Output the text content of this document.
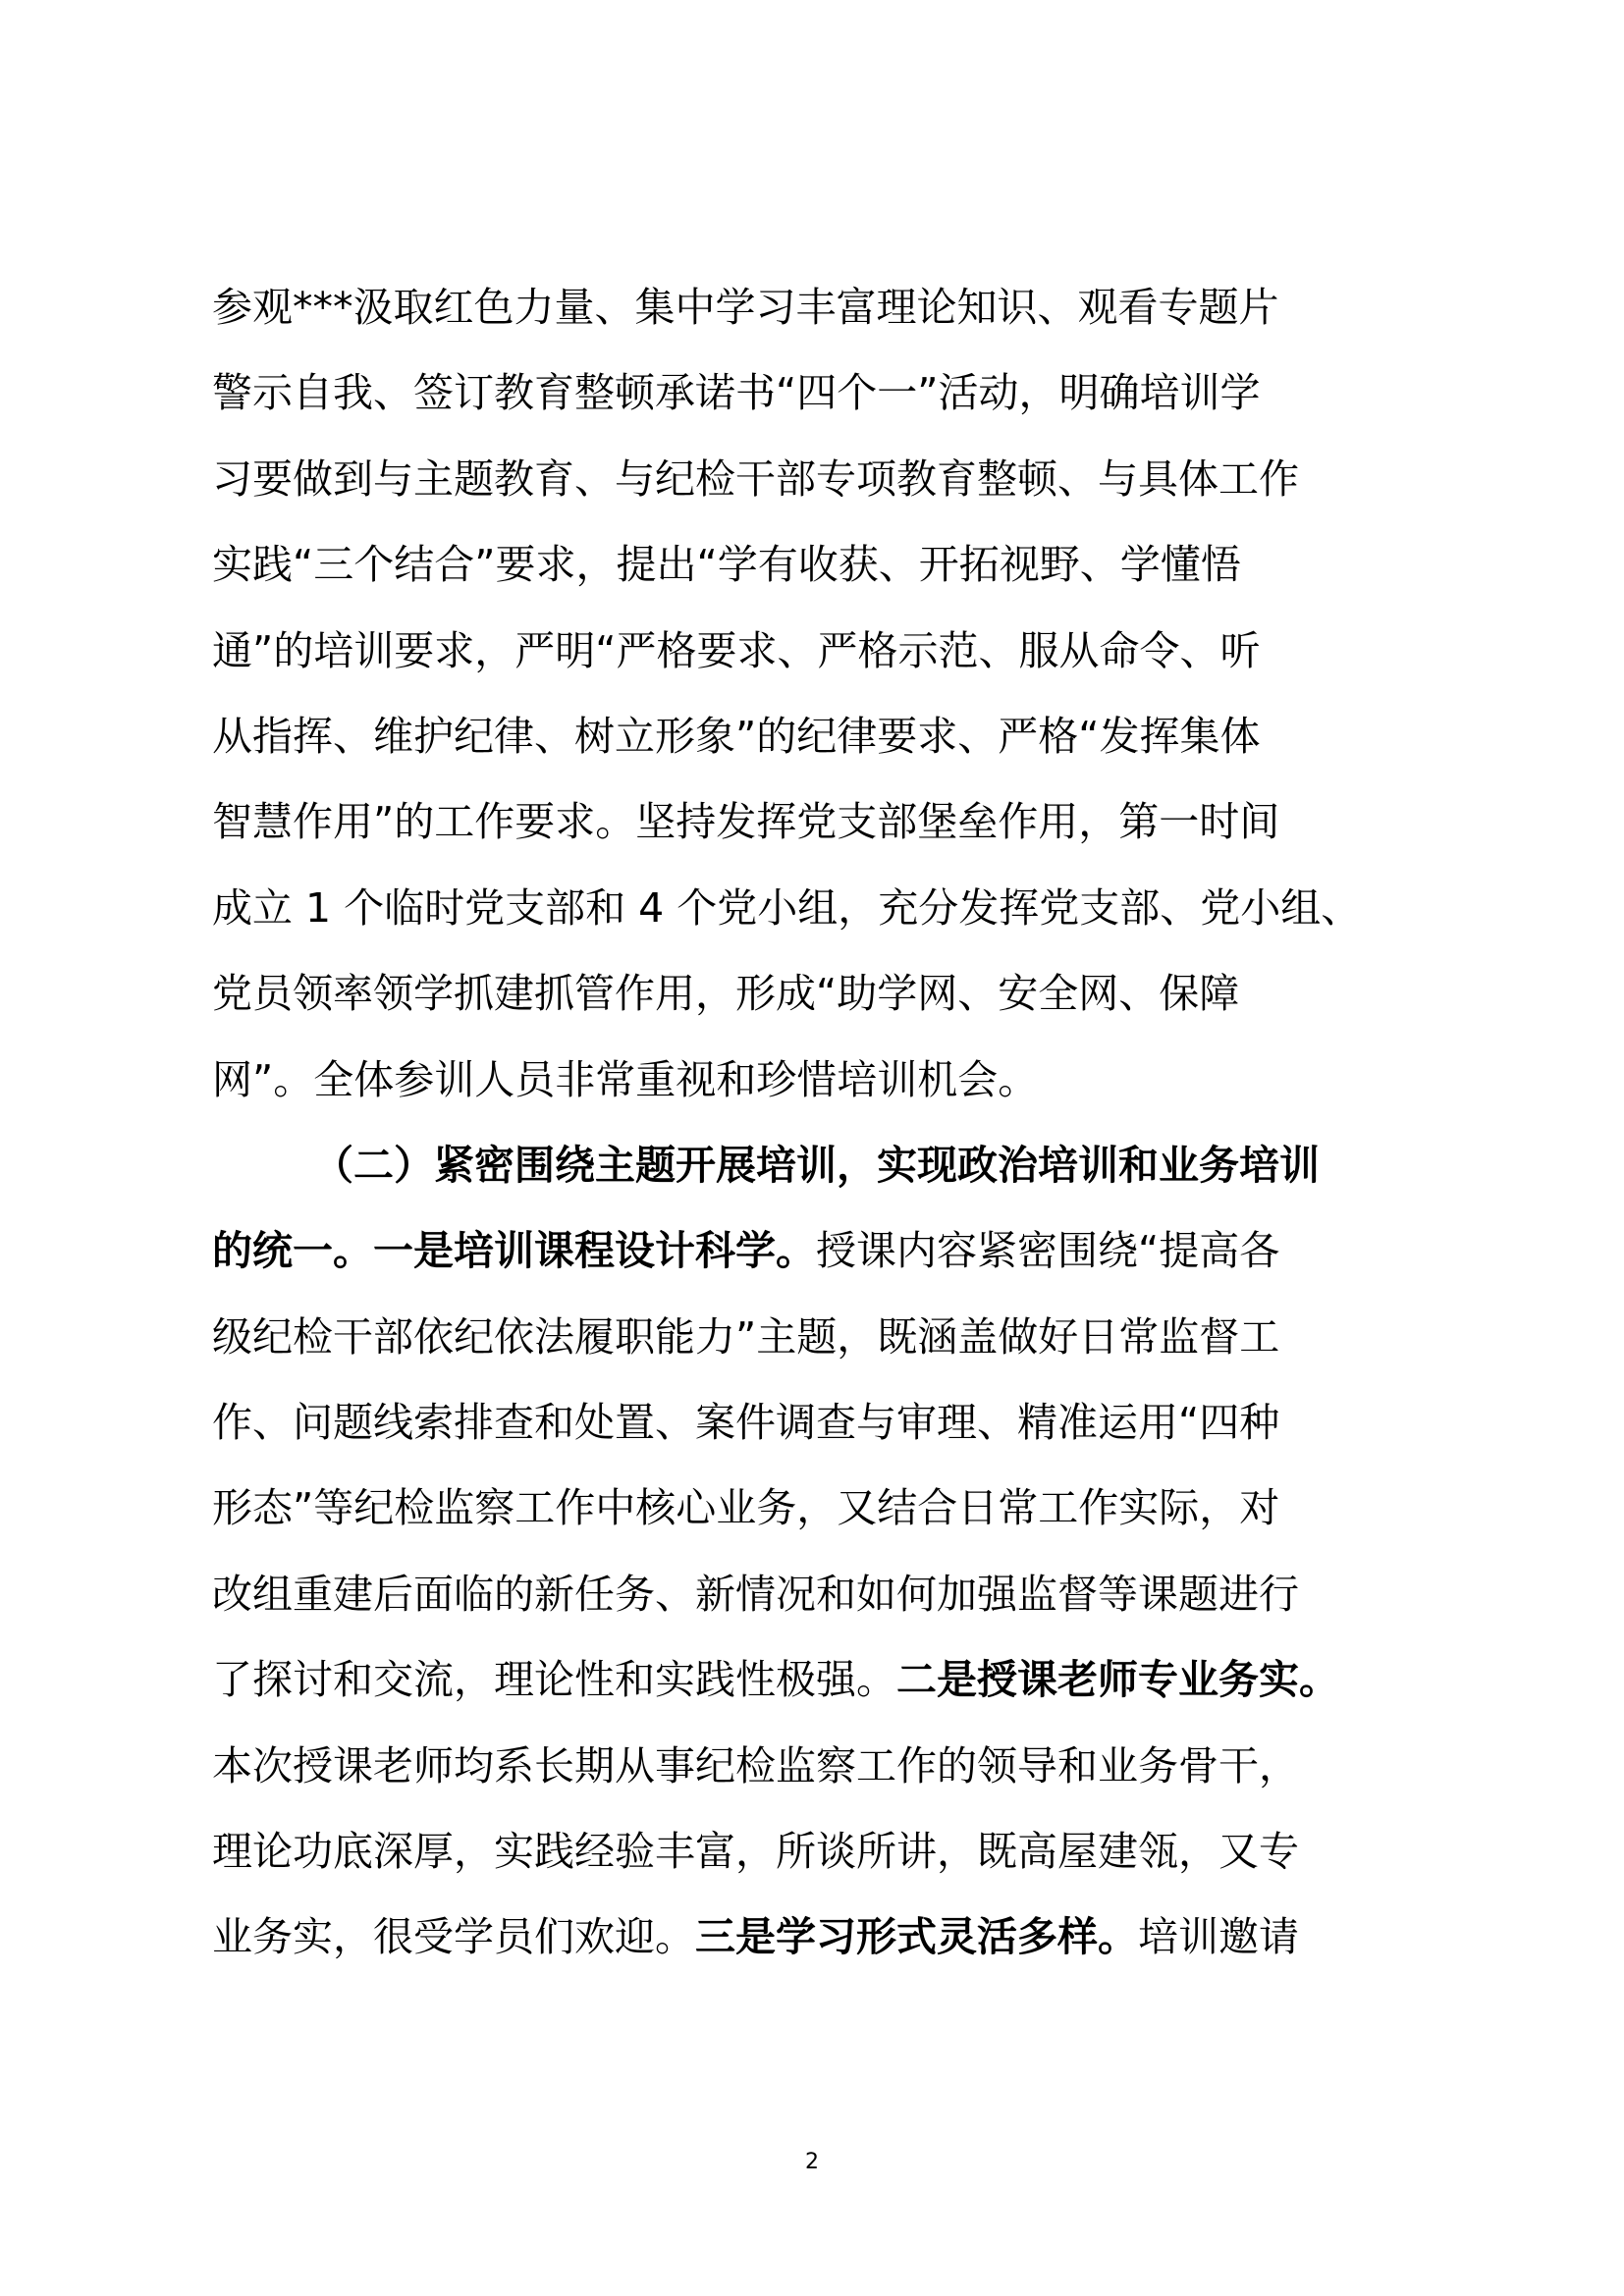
参观***汲取红色力量、集中学习丰富理论知识、观看专题片
警示自我、签订教育整顿承诺书“四个一”活动，明确培训学
习要做到与主题教育、与纪检干部专项教育整顿、与具体工作
实践“三个结合”要求，提出“学有收获、开拓视野、学懂悟
通”的培训要求，严明“严格要求、严格示范、服从命令、听
从指挥、维护纪律、树立形象”的纪律要求、严格“发挥集体
智慧作用”的工作要求。坚持发挥党支部堡垒作用，第一时间
成立 1 个临时党支部和 4 个党小组，充分发挥党支部、党小组、
党员领率领学抓建抓管作用，形成“助学网、安全网、保障
网”。全体参训人员非常重视和珍惜培训机会。
（二）紧密围绕主题开展培训，实现政治培训和业务培训
的统一。一是培训课程设计科学。授课内容紧密围绕“提高各
级纪检干部依纪依法履职能力”主题，既涵盖做好日常监督工
作、问题线索排查和处置、案件调查与审理、精准运用“四种
形态”等纪检监察工作中核心业务，又结合日常工作实际，对
改组重建后面临的新任务、新情况和如何加强监督等课题进行
了探讨和交流，理论性和实践性极强。二是授课老师专业务实。
本次授课老师均系长期从事纪检监察工作的领导和业务骨干，
理论功底深厚，实践经验丰富，所谈所讲，既高屋建瓴，又专
业务实，很受学员们欢迎。三是学习形式灵活多样。培训邀请
2
